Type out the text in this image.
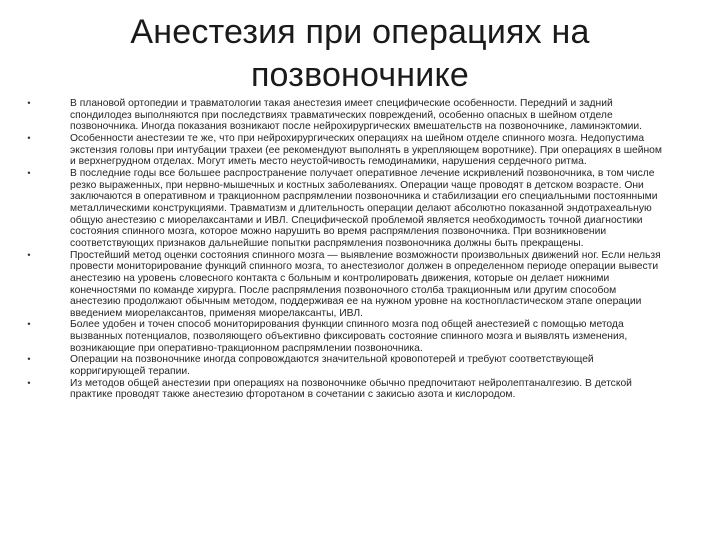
Анестезия при операциях на позвоночнике
•	В плановой ортопедии и травматологии такая анестезия имеет специфические особенности. Передний и задний спондилодез выполняются при последствиях травматических повреждений, особенно опасных в шейном отделе позвоночника. Иногда показания возникают после нейрохирургических вмешательств на позвоночнике, ламинэктомии.
•	Особенности анестезии те же, что при нейрохирургических операциях на шейном отделе спинного мозга. Недопустима экстензия головы при интубации трахеи (ее рекомендуют выполнять в укрепляющем воротнике). При операциях в шейном и верхнегрудном отделах. Могут иметь место неустойчивость гемодинамики, нарушения сердечного ритма.
•	В последние годы все большее распространение получает оперативное лечение искривлений позвоночника, в том числе резко выраженных, при нервно-мышечных и костных заболеваниях. Операции чаще проводят в детском возрасте. Они заключаются в оперативном и тракционном распрямлении позвоночника и стабилизации его специальными постоянными металлическими конструкциями. Травматизм и длительность операции делают абсолютно показанной эндотрахеальную общую анестезию с миорелаксантами и ИВЛ. Специфической проблемой является необходимость точной диагностики состояния спинного мозга, которое можно нарушить во время распрямления позвоночника. При возникновении соответствующих признаков дальнейшие попытки распрямления позвоночника должны быть прекращены.
•	Простейший метод оценки состояния спинного мозга — выявление возможности произвольных движений ног. Если нельзя провести мониторирование функций спинного мозга, то анестезиолог должен в определенном периоде операции вывести анестезию на уровень словесного контакта с больным и контролировать движения, которые он делает нижними конечностями по команде хирурга. После распрямления позвоночного столба тракционным или другим способом анестезию продолжают обычным методом, поддерживая ее на нужном уровне на костнопластическом этапе операции введением миорелаксантов, применяя миорелаксанты, ИВЛ.
•	Более удобен и точен способ мониторирования функции спинного мозга под общей анестезией с помощью метода вызванных потенциалов, позволяющего объективно фиксировать состояние спинного мозга и выявлять изменения, возникающие при оперативно-тракционном распрямлении позвоночника.
•	Операции на позвоночнике иногда сопровождаются значительной кровопотерей и требуют соответствующей корригирующей терапии.
•	Из методов общей анестезии при операциях на позвоночнике обычно предпочитают нейролептаналгезию. В детской практике проводят также анестезию фторотаном в сочетании с закисью азота и кислородом.
